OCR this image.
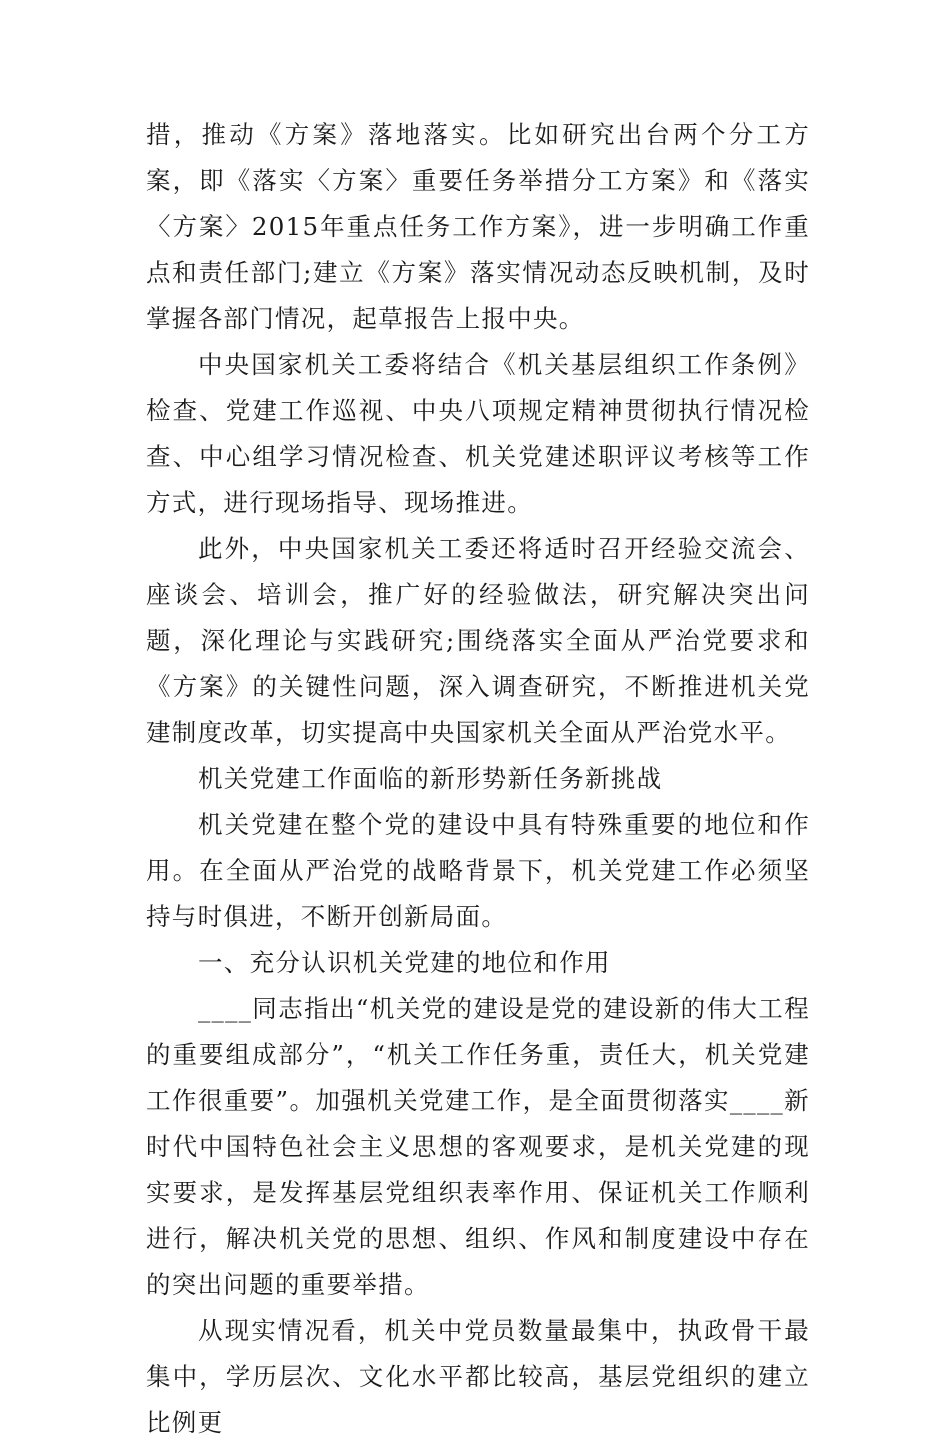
措，推动《方案》落地落实。比如研究出台两个分工方案，即《落实〈方案〉重要任务举措分工方案》和《落实〈方案〉2015年重点任务工作方案》，进一步明确工作重点和责任部门;建立《方案》落实情况动态反映机制，及时掌握各部门情况，起草报告上报中央。

中央国家机关工委将结合《机关基层组织工作条例》检查、党建工作巡视、中央八项规定精神贯彻执行情况检查、中心组学习情况检查、机关党建述职评议考核等工作方式，进行现场指导、现场推进。

此外，中央国家机关工委还将适时召开经验交流会、座谈会、培训会，推广好的经验做法，研究解决突出问题，深化理论与实践研究;围绕落实全面从严治党要求和《方案》的关键性问题，深入调查研究，不断推进机关党建制度改革，切实提高中央国家机关全面从严治党水平。

机关党建工作面临的新形势新任务新挑战

机关党建在整个党的建设中具有特殊重要的地位和作用。在全面从严治党的战略背景下，机关党建工作必须坚持与时俱进，不断开创新局面。

一、充分认识机关党建的地位和作用

____同志指出“机关党的建设是党的建设新的伟大工程的重要组成部分”，“机关工作任务重，责任大，机关党建工作很重要”。加强机关党建工作，是全面贯彻落实____新时代中国特色社会主义思想的客观要求，是机关党建的现实要求，是发挥基层党组织表率作用、保证机关工作顺利进行，解决机关党的思想、组织、作风和制度建设中存在的突出问题的重要举措。

从现实情况看，机关中党员数量最集中，执政骨干最集中，学历层次、文化水平都比较高，基层党组织的建立比例更
